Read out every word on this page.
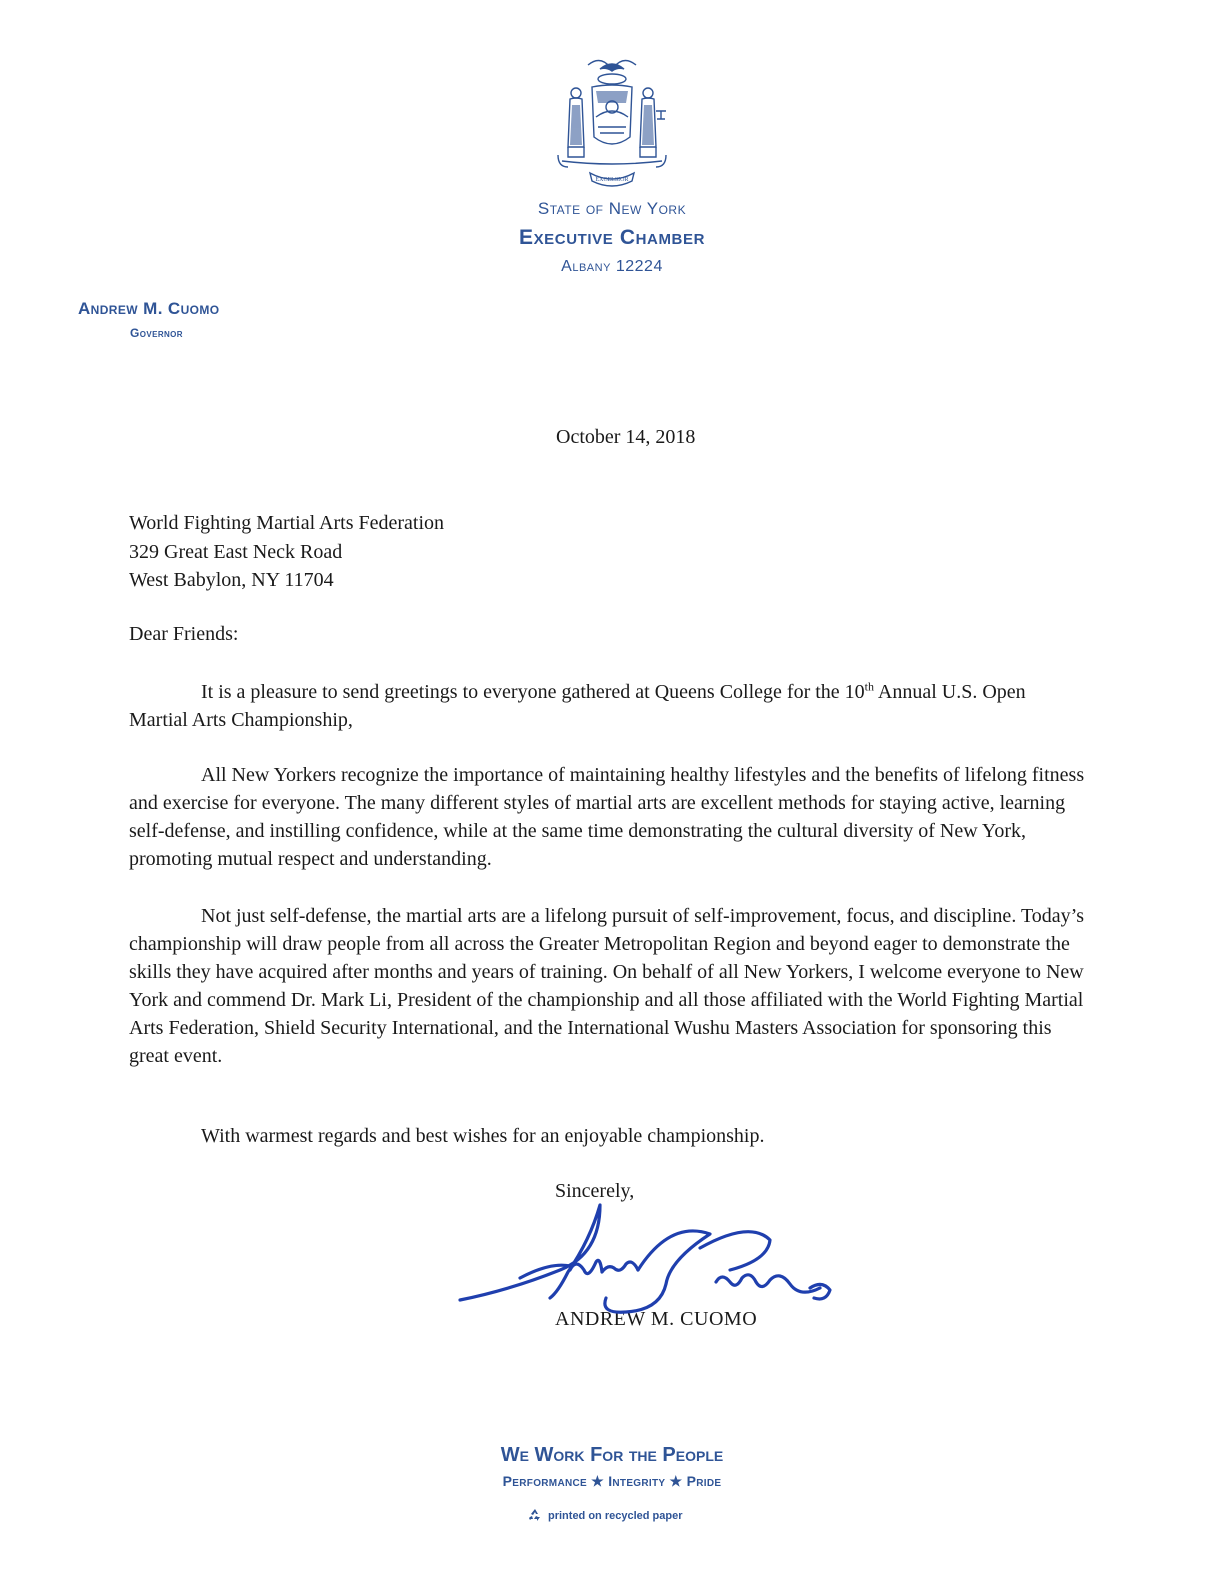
EXCELSIOR
State of New York
Executive Chamber
Albany 12224
Andrew M. Cuomo
Governor
October 14, 2018
World Fighting Martial Arts Federation
329 Great East Neck Road
West Babylon, NY 11704
Dear Friends:

It is a pleasure to send greetings to everyone gathered at Queens College for the 10th Annual U.S. Open Martial Arts Championship,

All New Yorkers recognize the importance of maintaining healthy lifestyles and the benefits of lifelong fitness and exercise for everyone. The many different styles of martial arts are excellent methods for staying active, learning self-defense, and instilling confidence, while at the same time demonstrating the cultural diversity of New York, promoting mutual respect and understanding.

Not just self-defense, the martial arts are a lifelong pursuit of self-improvement, focus, and discipline. Today’s championship will draw people from all across the Greater Metropolitan Region and beyond eager to demonstrate the skills they have acquired after months and years of training. On behalf of all New Yorkers, I welcome everyone to New York and commend Dr. Mark Li, President of the championship and all those affiliated with the World Fighting Martial Arts Federation, Shield Security International, and the International Wushu Masters Association for sponsoring this great event.

With warmest regards and best wishes for an enjoyable championship.
Sincerely,
ANDREW M. CUOMO
We Work For the People
Performance ★ Integrity ★ Pride
printed on recycled paper
